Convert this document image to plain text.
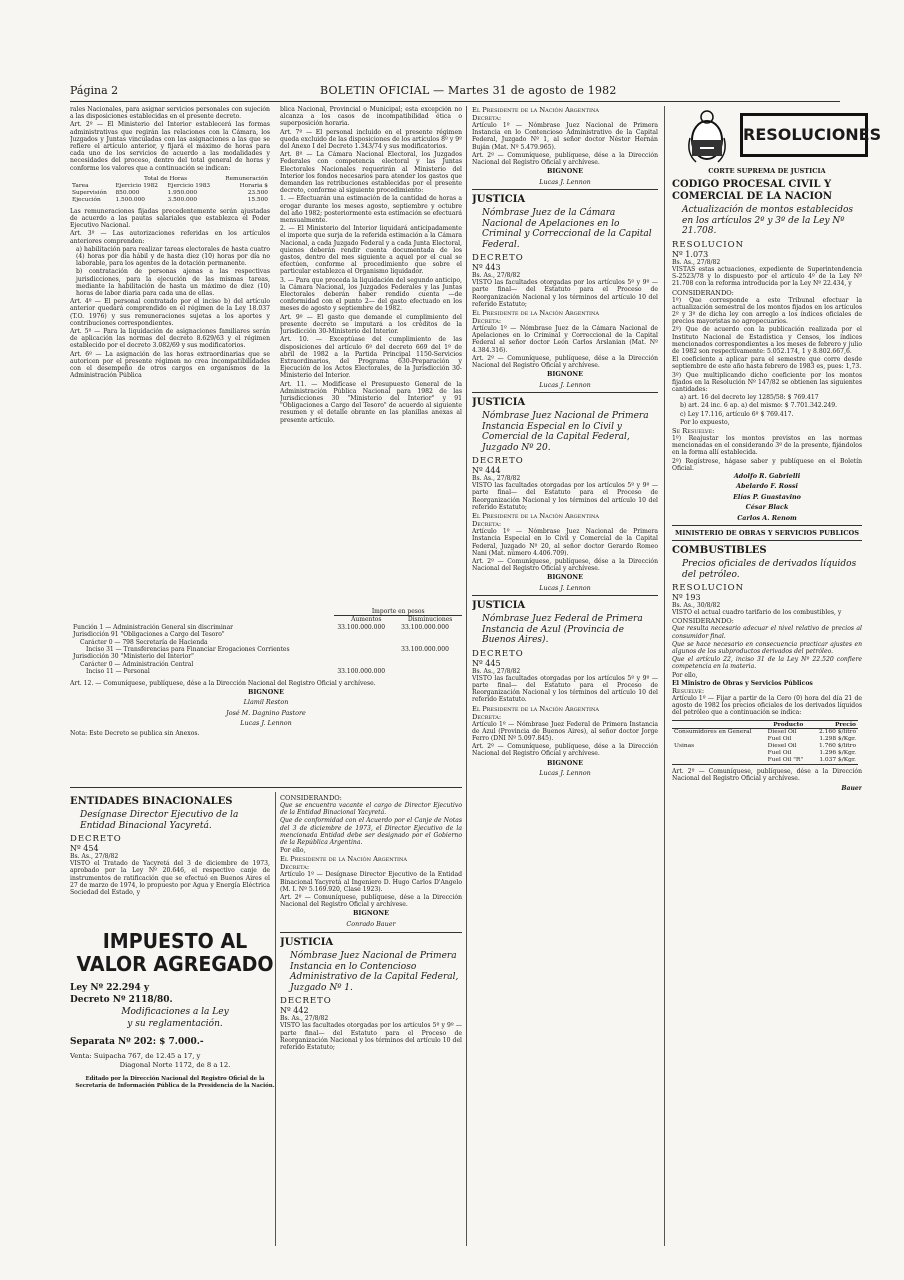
Página 2	BOLETIN OFICIAL — Martes 31 de agosto de 1982

rales Nacionales, para asignar servicios personales con sujeción a las disposiciones establecidas en el presente decreto.

Art. 2º — El Ministerio del Interior establecerá las formas administrativas que regirán las relaciones con la Cámara, los Juzgados y Juntas vinculadas con las asignaciones a las que se refiere el artículo anterior, y fijará el máximo de horas para cada uno de los servicios de acuerdo a las modalidades y necesidades del proceso, dentro del total general de horas y conforme los valores que a continuación se indican:

	Total de Horas		Remuneración
Tarea	Ejercicio 1982	Ejercicio 1983	Horaria $
Supervisión	850.000	1.950.000	23.500
Ejecución	1.500.000	3.500.000	15.500

Las remuneraciones fijadas precedentemente serán ajustadas de acuerdo a las pautas salariales que establezca el Poder Ejecutivo Nacional.

Art. 3º — Las autorizaciones referidas en los artículos anteriores comprenden:

a) habilitación para realizar tareas electorales de hasta cuatro (4) horas por día hábil y de hasta diez (10) horas por día no laborable, para los agentes de la dotación permanente.

b) contratación de personas ajenas a las respectivas jurisdicciones, para la ejecución de las mismas tareas, mediante la habilitación de hasta un máximo de diez (10) horas de labor diaria para cada una de ellas.

Art. 4º — El personal contratado por el inciso b) del artículo anterior quedará comprendido en el régimen de la Ley 18.037 (T.O. 1976) y sus remuneraciones sujetas a los aportes y contribuciones correspondientes.

Art. 5º — Para la liquidación de asignaciones familiares serán de aplicación las normas del decreto 8.629/63 y el régimen establecido por el decreto 3.082/69 y sus modificatorios.

Art. 6º — La asignación de las horas extraordinarias que se autoricen por el presente régimen no crea incompatibilidades con el desempeño de otros cargos en organismos de la Administración Pública

blica Nacional, Provincial o Municipal; esta excepción no alcanza a los casos de incompatibilidad ética o superposición horaria.

Art. 7º — El personal incluido en el presente régimen queda excluido de las disposiciones de los artículos 8º y 9º del Anexo I del Decreto 1.343/74 y sus modificatorios.

Art. 8º — La Cámara Nacional Electoral, los Juzgados Federales con competencia electoral y las Juntas Electorales Nacionales requerirán al Ministerio del Interior los fondos necesarios para atender los gastos que demanden las retribuciones establecidas por el presente decreto, conforme al siguiente procedimiento:

1. — Efectuarán una estimación de la cantidad de horas a erogar durante los meses agosto, septiembre y octubre del año 1982; posteriormente esta estimación se efectuará mensualmente.

2. — El Ministerio del Interior liquidará anticipadamente el importe que surja de la referida estimación a la Cámara Nacional, a cada Juzgado Federal y a cada Junta Electoral, quienes deberán rendir cuenta documentada de los gastos, dentro del mes siguiente a aquel por el cual se efectúen, conforme al procedimiento que sobre el particular establezca el Organismo liquidador.

3. — Para que proceda la liquidación del segundo anticipo, la Cámara Nacional, los Juzgados Federales y las Juntas Electorales deberán haber rendido cuenta —de conformidad con el punto 2— del gasto efectuado en los meses de agosto y septiembre de 1982.

Art. 9º — El gasto que demande el cumplimiento del presente decreto se imputará a los créditos de la Jurisdicción 30-Ministerio del Interior.

Art. 10. — Exceptúase del cumplimiento de las disposiciones del artículo 6º del decreto 669 del 1º de abril de 1982 a la Partida Principal 1150-Servicios Extraordinarios, del Programa 630-Preparación y Ejecución de los Actos Electorales, de la Jurisdicción 30-Ministerio del Interior.

Art. 11. — Modifícase el Presupuesto General de la Administración Pública Nacional para 1982 de las Jurisdicciones 30 "Ministerio del Interior" y 91 "Obligaciones a Cargo del Tesoro" de acuerdo al siguiente resumen y el detalle obrante en las planillas anexas al presente artículo.

	Importe en pesos	
	Aumentos	Disminuciones
Función 1 — Administración General sin discriminar	33.100.000.000	33.100.000.000
Jurisdicción 91 "Obligaciones a Cargo del Tesoro"		
Carácter 0 — 798 Secretaría de Hacienda		
Inciso 31 — Transferencias para Financiar Erogaciones Corrientes		33.100.000.000
Jurisdicción 30 "Ministerio del Interior"		
Carácter 0 — Administración Central		
Inciso 11 — Personal	33.100.000.000	

Art. 12. — Comuníquese, publíquese, dése a la Dirección Nacional del Registro Oficial y archívese.

BIGNONE
Llamil Reston
José M. Dagnino Pastore
Lucas J. Lennon

Nota: Este Decreto se publica sin Anexos.

ENTIDADES BINACIONALES
Desígnase Director Ejecutivo de la Entidad Binacional Yacyretá.
DECRETO
Nº 454
Bs. As., 27/8/82

VISTO el Tratado de Yacyretá del 3 de diciembre de 1973, aprobado por la Ley Nº 20.646, el respectivo canje de instrumentos de ratificación que se efectuó en Buenos Aires el 27 de marzo de 1974, lo propuesto por Agua y Energía Eléctrica Sociedad del Estado, y

IMPUESTO AL VALOR AGREGADO
Ley Nº 22.294 y
Decreto Nº 2118/80.
Modificaciones a la Ley
y su reglamentación.
Separata Nº 202: $ 7.000.-
Venta: Suipacha 767, de 12.45 a 17, y
Diagonal Norte 1172, de 8 a 12.
Editado por la Dirección Nacional del Registro Oficial de la Secretaría de Información Pública de la Presidencia de la Nación.
CONSIDERANDO:

Que se encuentra vacante el cargo de Director Ejecutivo de la Entidad Binacional Yacyretá.

Que de conformidad con el Acuerdo por el Canje de Notas del 3 de diciembre de 1973, el Director Ejecutivo de la mencionada Entidad debe ser designado por el Gobierno de la República Argentina.

Por ello,

El Presidente de la Nación Argentina
Decreta:

Artículo 1º — Desígnase Director Ejecutivo de la Entidad Binacional Yacyretá al Ingeniero D. Hugo Carlos D'Angelo (M. I. Nº 5.169.920, Clase 1923).

Art. 2º — Comuníquese, publíquese, dése a la Dirección Nacional del Registro Oficial y archívese.

BIGNONE
Conrado Bauer
JUSTICIA
Nómbrase Juez Nacional de Primera Instancia en lo Contencioso Administrativo de la Capital Federal, Juzgado Nº 1.
DECRETO
Nº 442
Bs. As., 27/8/82

VISTO las facultades otorgadas por los artículos 5º y 9º —parte final— del Estatuto para el Proceso de Reorganización Nacional y los términos del artículo 10 del referido Estatuto;

El Presidente de la Nación Argentina
Decreta:

Artículo 1º — Nómbrase Juez Nacional de Primera Instancia en lo Contencioso Administrativo de la Capital Federal, Juzgado Nº 1, al señor doctor Néstor Hernán Buján (Mat. Nº 5.479.965).

Art. 2º — Comuníquese, publíquese, dése a la Dirección Nacional del Registro Oficial y archívese.

BIGNONE
Lucas J. Lennon
JUSTICIA
Nómbrase Juez de la Cámara Nacional de Apelaciones en lo Criminal y Correccional de la Capital Federal.
DECRETO
Nº 443
Bs. As., 27/8/82

VISTO las facultades otorgadas por los artículos 5º y 9º —parte final— del Estatuto para el Proceso de Reorganización Nacional y los términos del artículo 10 del referido Estatuto;

El Presidente de la Nación Argentina
Decreta:

Artículo 1º — Nómbrase Juez de la Cámara Nacional de Apelaciones en lo Criminal y Correccional de la Capital Federal al señor doctor León Carlos Arslanian (Mat. Nº 4.384.316).

Art. 2º — Comuníquese, publíquese, dése a la Dirección Nacional del Registro Oficial y archívese.

BIGNONE
Lucas J. Lennon
JUSTICIA
Nómbrase Juez Nacional de Primera Instancia Especial en lo Civil y Comercial de la Capital Federal, Juzgado Nº 20.
DECRETO
Nº 444
Bs. As., 27/8/82

VISTO las facultades otorgadas por los artículos 5º y 9º —parte final— del Estatuto para el Proceso de Reorganización Nacional y los términos del artículo 10 del referido Estatuto;

El Presidente de la Nación Argentina
Decreta:

Artículo 1º — Nómbrase Juez Nacional de Primera Instancia Especial en lo Civil y Comercial de la Capital Federal, Juzgado Nº 20, al señor doctor Gerardo Romeo Nani (Mat. número 4.406.709).

Art. 2º — Comuníquese, publíquese, dése a la Dirección Nacional del Registro Oficial y archívese.

BIGNONE
Lucas J. Lennon
JUSTICIA
Nómbrase Juez Federal de Primera Instancia de Azul (Provincia de Buenos Aires).
DECRETO
Nº 445
Bs. As., 27/8/82

VISTO las facultades otorgadas por los artículos 5º y 9º —parte final— del Estatuto para el Proceso de Reorganización Nacional y los términos del artículo 10 del referido Estatuto.

El Presidente de la Nación Argentina
Decreta:

Artículo 1º — Nómbrase Juez Federal de Primera Instancia de Azul (Provincia de Buenos Aires), al señor doctor Jorge Ferro (DNI Nº 5.097.845).

Art. 2º — Comuníquese, publíquese, dése a la Dirección Nacional del Registro Oficial y archívese.

BIGNONE
Lucas J. Lennon
RESOLUCIONES
CORTE SUPREMA DE JUSTICIA
CODIGO PROCESAL CIVIL Y COMERCIAL DE LA NACION
Actualización de montos establecidos en los artículos 2º y 3º de la Ley Nº 21.708.
RESOLUCION
Nº 1.073
Bs. As., 27/8/82

VISTAS estas actuaciones, expediente de Superintendencia S-2523/78 y lo dispuesto por el artículo 4º de la Ley Nº 21.708 con la reforma introducida por la Ley Nº 22.434, y

CONSIDERANDO:

1º) Que corresponde a este Tribunal efectuar la actualización semestral de los montos fijados en los artículos 2º y 3º de dicha ley con arreglo a los índices oficiales de precios mayoristas no agropecuarios.

2º) Que de acuerdo con la publicación realizada por el Instituto Nacional de Estadística y Censos, los índices mencionados correspondientes a los meses de febrero y julio de 1982 son respectivamente: 5.052.174, 1 y 8.802.667,6.

El coeficiente a aplicar para el semestre que corre desde septiembre de este año hasta febrero de 1983 es, pues: 1,73.

3º) Que multiplicando dicho coeficiente por los montos fijados en la Resolución Nº 147/82 se obtienen las siguientes cantidades:

a) art. 16 del decreto ley 1285/58: $ 769.417

b) art. 24 inc. 6 ap. a) del mismo: $ 7.701.342.249.

c) Ley 17.116, artículo 6º $ 769.417.

Por lo expuesto,

Se Resuelve:

1º) Reajustar los montos previstos en las normas mencionadas en el considerando 3º de la presente, fijándolos en la forma allí establecida.

2º) Regístrese, hágase saber y publíquese en el Boletín Oficial.

Adolfo R. Gabrielli
Abelardo F. Rossi
Elías P. Guastavino
César Black
Carlos A. Renom
MINISTERIO DE OBRAS Y SERVICIOS PUBLICOS
COMBUSTIBLES
Precios oficiales de derivados líquidos del petróleo.
RESOLUCION
Nº 193
Bs. As., 30/8/82

VISTO el actual cuadro tarifario de los combustibles, y

CONSIDERANDO:

Que resulta necesario adecuar el nivel relativo de precios al consumidor final.

Que se hace necesario en consecuencia practicar ajustes en algunos de los subproductos derivados del petróleo.

Que el artículo 22, inciso 31 de la Ley Nº 22.520 confiere competencia en la materia.

Por ello,

El Ministro de Obras y Servicios Públicos
Resuelve:

Artículo 1º — Fijar a partir de la Cero (0) hora del día 21 de agosto de 1982 los precios oficiales de los derivados líquidos del petróleo que a continuación se indica:

	Producto	Precio
Consumidores en General	Diesel Oil	2.160 $/litro
	Fuel Oil	1.298 $/Kgr.
Usinas	Diesel Oil	1.760 $/litro
	Fuel Oil	1.296 $/Kgr.
	Fuel Oil "R"	1.037 $/Kgr.

Art. 2º — Comuníquese, publíquese, dése a la Dirección Nacional del Registro Oficial y archívese.

Bauer
